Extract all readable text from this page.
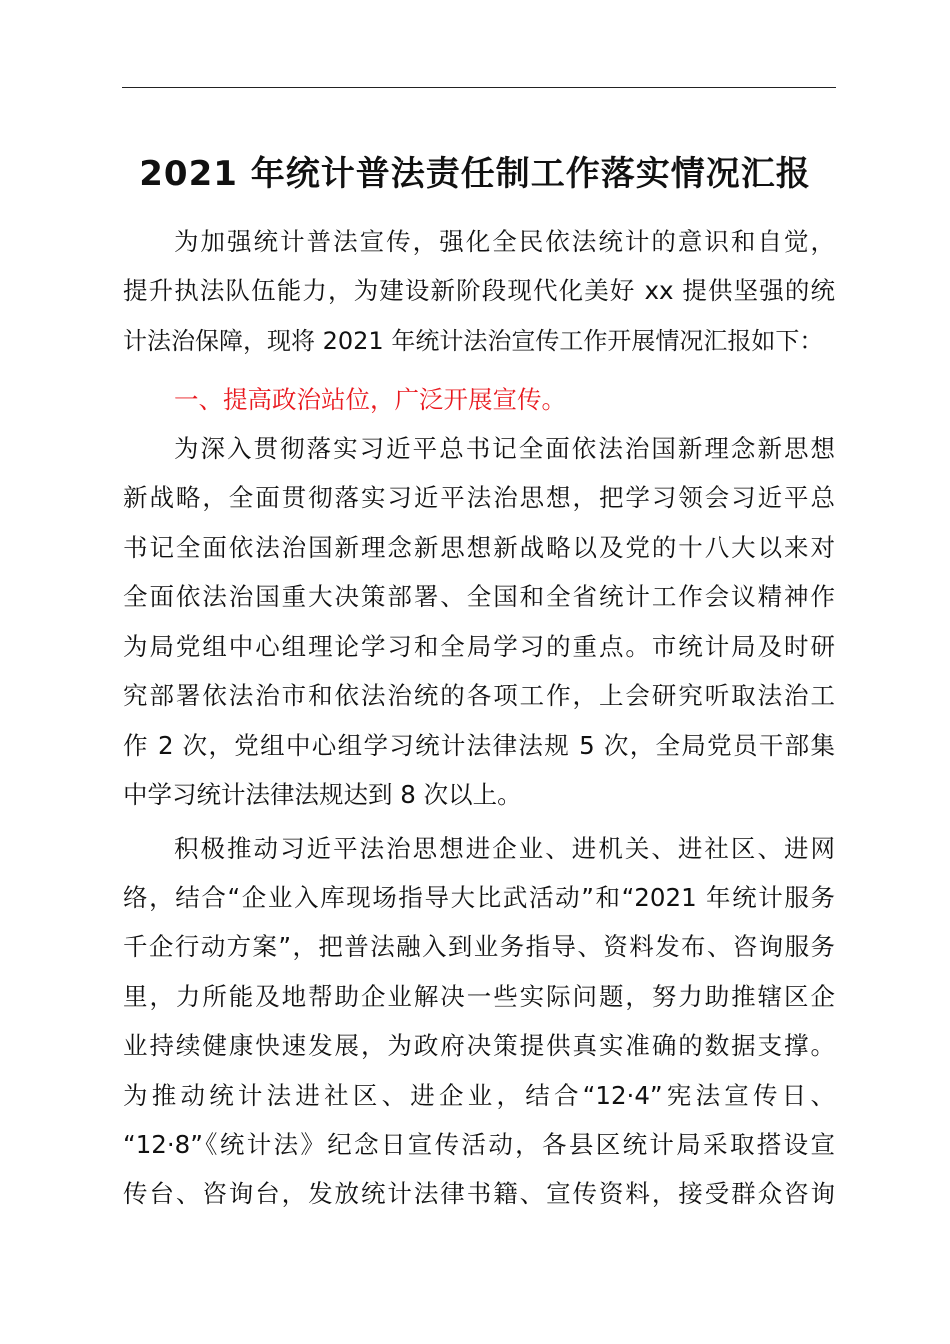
2021 年统计普法责任制工作落实情况汇报
为加强统计普法宣传，强化全民依法统计的意识和自觉，
提升执法队伍能力，为建设新阶段现代化美好 xx 提供坚强的统
计法治保障，现将 2021 年统计法治宣传工作开展情况汇报如下：
一、提高政治站位，广泛开展宣传。
为深入贯彻落实习近平总书记全面依法治国新理念新思想
新战略，全面贯彻落实习近平法治思想，把学习领会习近平总
书记全面依法治国新理念新思想新战略以及党的十八大以来对
全面依法治国重大决策部署、全国和全省统计工作会议精神作
为局党组中心组理论学习和全局学习的重点。市统计局及时研
究部署依法治市和依法治统的各项工作，上会研究听取法治工
作 2 次，党组中心组学习统计法律法规 5 次，全局党员干部集
中学习统计法律法规达到 8 次以上。
积极推动习近平法治思想进企业、进机关、进社区、进网
络，结合“企业入库现场指导大比武活动”和“2021 年统计服务
千企行动方案”，把普法融入到业务指导、资料发布、咨询服务
里，力所能及地帮助企业解决一些实际问题，努力助推辖区企
业持续健康快速发展，为政府决策提供真实准确的数据支撑。
为推动统计法进社区、进企业，结合“12·4”宪法宣传日、
“12·8”《统计法》纪念日宣传活动，各县区统计局采取搭设宣
传台、咨询台，发放统计法律书籍、宣传资料，接受群众咨询
